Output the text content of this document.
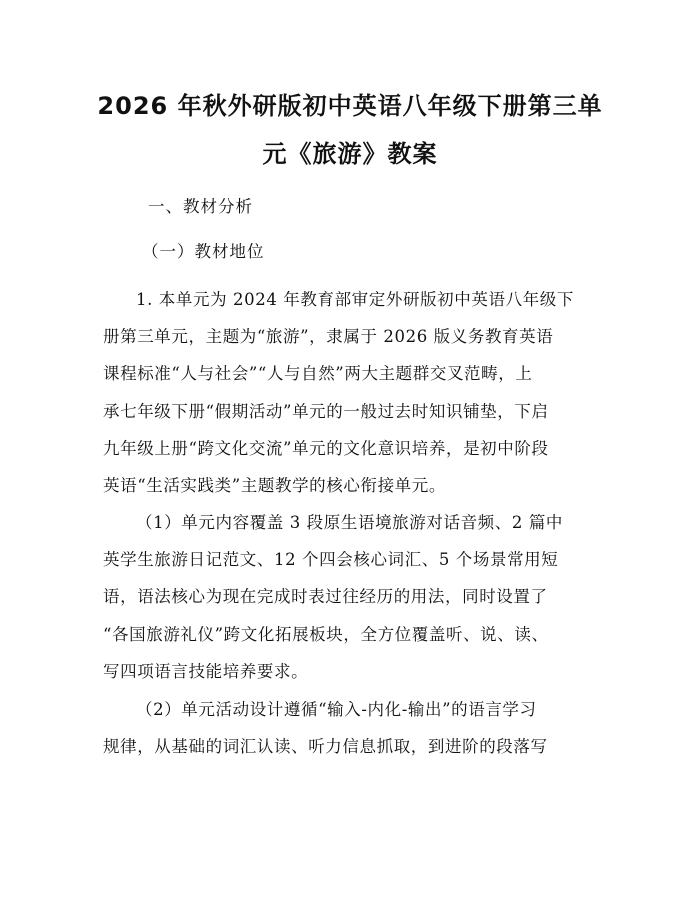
2026 年秋外研版初中英语八年级下册第三单
元《旅游》教案

一、教材分析

（一）教材地位

1. 本单元为 2024 年教育部审定外研版初中英语八年级下
册第三单元，主题为“旅游”，隶属于 2026 版义务教育英语
课程标准“人与社会”“人与自然”两大主题群交叉范畴，上
承七年级下册“假期活动”单元的一般过去时知识铺垫，下启
九年级上册“跨文化交流”单元的文化意识培养，是初中阶段
英语“生活实践类”主题教学的核心衔接单元。
（1）单元内容覆盖 3 段原生语境旅游对话音频、2 篇中
英学生旅游日记范文、12 个四会核心词汇、5 个场景常用短
语，语法核心为现在完成时表过往经历的用法，同时设置了
“各国旅游礼仪”跨文化拓展板块，全方位覆盖听、说、读、
写四项语言技能培养要求。
（2）单元活动设计遵循“输入-内化-输出”的语言学习
规律，从基础的词汇认读、听力信息抓取，到进阶的段落写
